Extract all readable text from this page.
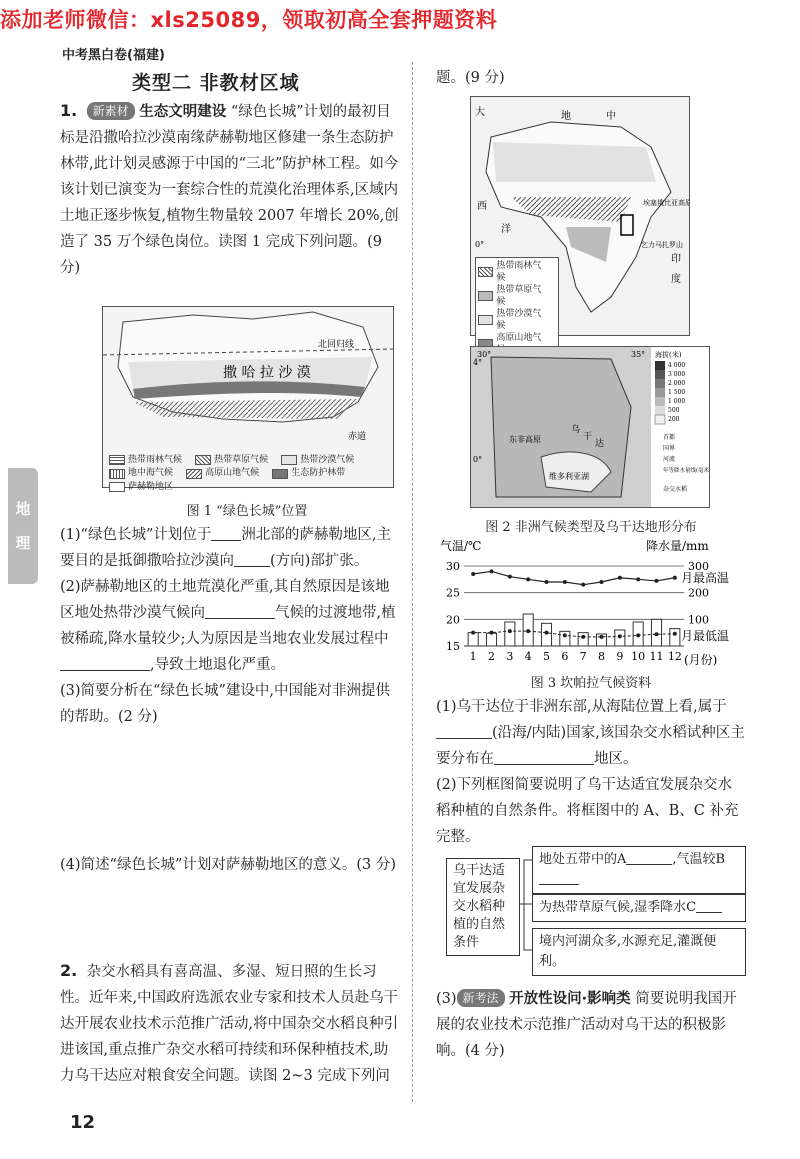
添加老师微信：xls25089，领取初高全套押题资料
中考黑白卷(福建)
类型二 非教材区域
地
理

1. 新素材 生态文明建设 “绿色长城”计划的最初目标是沿撒哈拉沙漠南缘萨赫勒地区修建一条生态防护林带,此计划灵感源于中国的“三北”防护林工程。如今该计划已演变为一套综合性的荒漠化治理体系,区域内土地正逐步恢复,植物生物量较 2007 年增长 20%,创造了 35 万个绿色岗位。读图 1 完成下列问题。(9 分)

撒 哈 拉 沙 漠
北回归线
赤道
热带雨林气候
	热带草原气候
	热带沙漠气候

地中海气候
	高原山地气候
	生态防护林带

萨赫勒地区
图 1 “绿色长城”位置

(1)“绿色长城”计划位于 洲北部的萨赫勒地区,主要目的是抵御撒哈拉沙漠向 (方向)部扩张。

(2)萨赫勒地区的土地荒漠化严重,其自然原因是该地区地处热带沙漠气候向	气候的过渡地带,植被稀疏,降水量较少;人为原因是当地农业发展过程中,导致土地退化严重。

(3)简要分析在“绿色长城”建设中,中国能对非洲提供的帮助。(2 分)

(4)简述“绿色长城”计划对萨赫勒地区的意义。(3 分)

2. 杂交水稻具有喜高温、多湿、短日照的生长习性。近年来,中国政府选派农业专家和技术人员赴乌干达开展农业技术示范推广活动,将中国杂交水稻良种引进该国,重点推广杂交水稻可持续和环保种植技术,助力乌干达应对粮食安全问题。读图 2~3 完成下列问

12
题。(9 分)
大	地	中
西	埃塞俄比亚高原
乞力马扎罗山
洋
印
度
0°
热带雨林气候

热带草原气候

热带沙漠气候

高原山地气

30°	35°
4°
0°
乌
干
达
东非高原
维多利亚湖
海拔(米)
4 000
3 000
2 000
1 500
1 000
500
200
首都
国界
河流
年等降水量线(毫米)
杂交水稻
图 2 非洲气候类型及乌干达地形分布
气温/℃	降水量/mm
月最高温
月最低温
(月份)
15
20
25
30
100
200
300
1 2 3 4 5 6 7 8 9 10 11 12
图 3 坎帕拉气候资料

(1)乌干达位于非洲东部,从海陆位置上看,属于(沿海/内陆)国家,该国杂交水稻试种区主要分布在	地区。

(2)下列框图简要说明了乌干达适宜发展杂交水稻种植的自然条件。将框图中的 A、B、C 补充完整。

乌干达适宜发展杂交水稻种植的自然条件
地处五带中的A	,气温较B
为热带草原气候,湿季降水C
境内河湖众多,水源充足,灌溉便利。

(3) 新考法 开放性设问·影响类 简要说明我国开展的农业技术示范推广活动对乌干达的积极影响。(4 分)
